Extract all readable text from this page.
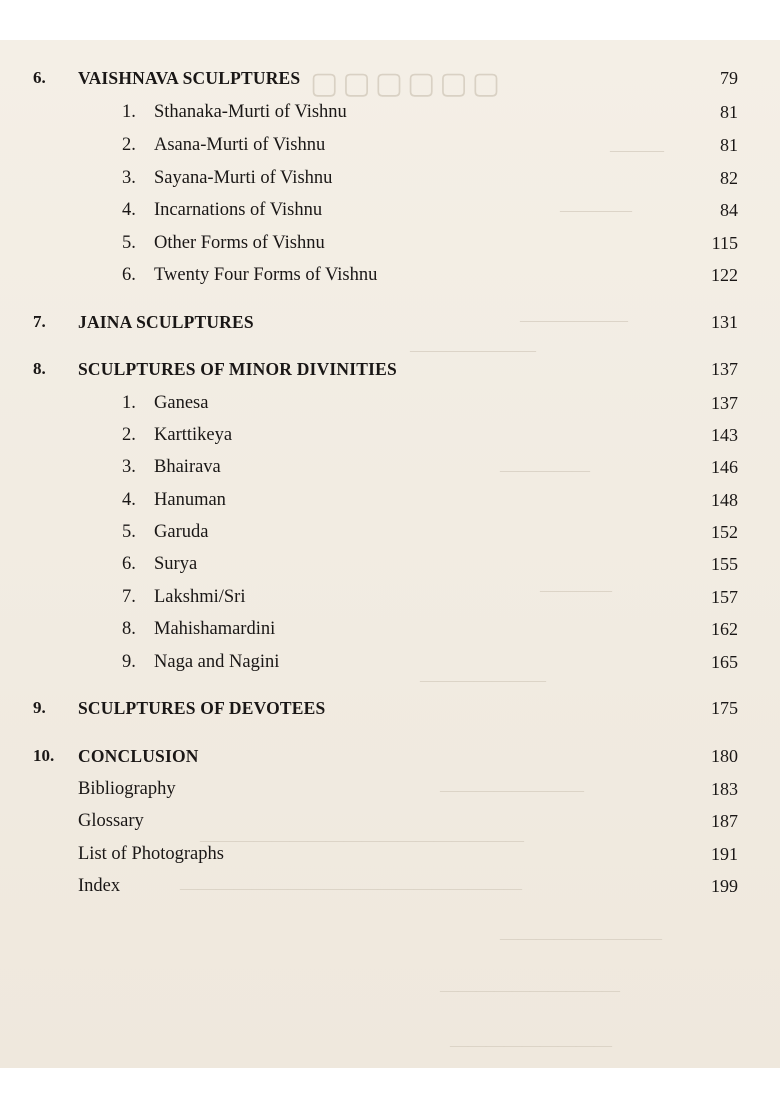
▢▢▢▢▢▢
———
————
——————
———————
—————
————
———————
————————
——————————————————
———————————————————
—————————
——————————
—————————
6. VAISHNAVA SCULPTURES	79
1. Sthanaka-Murti of Vishnu	81
2. Asana-Murti of Vishnu	81
3. Sayana-Murti of Vishnu	82
4. Incarnations of Vishnu	84
5. Other Forms of Vishnu	115
6. Twenty Four Forms of Vishnu	122
7. JAINA SCULPTURES	131
8. SCULPTURES OF MINOR DIVINITIES	137
1. Ganesa	137
2. Karttikeya	143
3. Bhairava	146
4. Hanuman	148
5. Garuda	152
6. Surya	155
7. Lakshmi/Sri	157
8. Mahishamardini	162
9. Naga and Nagini	165
9. SCULPTURES OF DEVOTEES	175
10. CONCLUSION	180
Bibliography	183
Glossary	187
List of Photographs	191
Index	199
